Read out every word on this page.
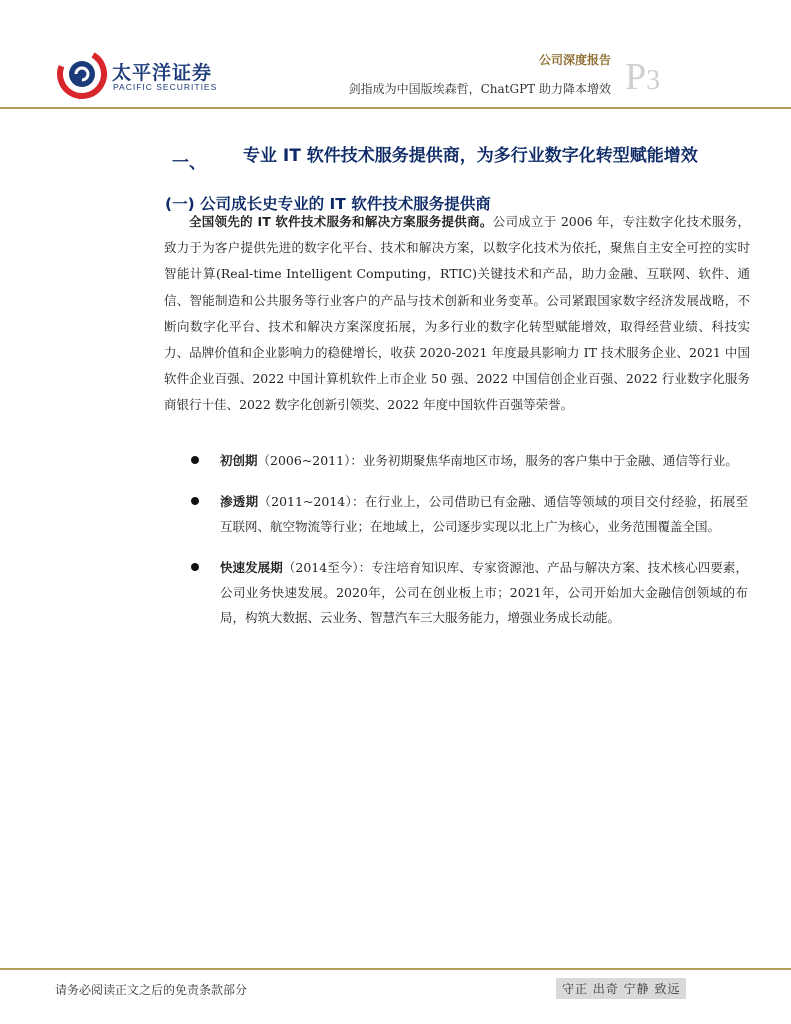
太平洋证券
PACIFIC SECURITIES
公司深度报告
剑指成为中国版埃森哲，ChatGPT 助力降本增效 P3
一、 专业 IT 软件技术服务提供商，为多行业数字化转型赋能增效
(一) 公司成长史专业的 IT 软件技术服务提供商
全国领先的 IT 软件技术服务和解决方案服务提供商。公司成立于 2006 年，专注数字化技术服务，致力于为客户提供先进的数字化平台、技术和解决方案，以数字化技术为依托，聚焦自主安全可控的实时智能计算(Real-time Intelligent Computing，RTIC)关键技术和产品，助力金融、互联网、软件、通信、智能制造和公共服务等行业客户的产品与技术创新和业务变革。公司紧跟国家数字经济发展战略，不断向数字化平台、技术和解决方案深度拓展，为多行业的数字化转型赋能增效，取得经营业绩、科技实力、品牌价值和企业影响力的稳健增长，收获 2020-2021 年度最具影响力 IT 技术服务企业、2021 中国软件企业百强、2022 中国计算机软件上市企业 50 强、2022 中国信创企业百强、2022 行业数字化服务商银行十佳、2022 数字化创新引领奖、2022 年度中国软件百强等荣誉。
初创期（2006~2011）：业务初期聚焦华南地区市场，服务的客户集中于金融、通信等行业。
渗透期（2011~2014）：在行业上，公司借助已有金融、通信等领域的项目交付经验，拓展至互联网、航空物流等行业；在地域上，公司逐步实现以北上广为核心，业务范围覆盖全国。
快速发展期（2014至今）：专注培育知识库、专家资源池、产品与解决方案、技术核心四要素，公司业务快速发展。2020年，公司在创业板上市；2021年，公司开始加大金融信创领域的布局，构筑大数据、云业务、智慧汽车三大服务能力，增强业务成长动能。
请务必阅读正文之后的免责条款部分	守正 出奇 宁静 致远
